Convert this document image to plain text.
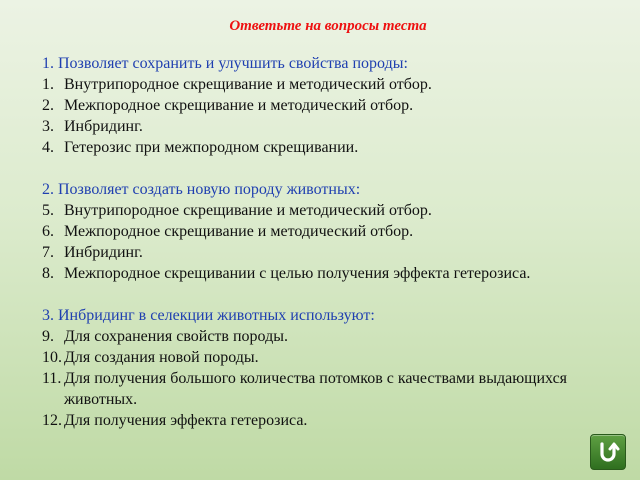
Ответьте на вопросы теста
1. Позволяет сохранить и улучшить свойства породы:
1. Внутрипородное скрещивание и методический отбор.
2. Межпородное скрещивание и методический отбор.
3. Инбридинг.
4. Гетерозис при межпородном скрещивании.
2. Позволяет создать новую породу животных:
5. Внутрипородное скрещивание и методический отбор.
6. Межпородное скрещивание и методический отбор.
7. Инбридинг.
8. Межпородное скрещивании с целью получения эффекта гетерозиса.
3. Инбридинг в селекции животных используют:
9. Для сохранения свойств породы.
10. Для создания новой породы.
11. Для получения большого количества потомков с качествами выдающихся животных.
12. Для получения эффекта гетерозиса.
